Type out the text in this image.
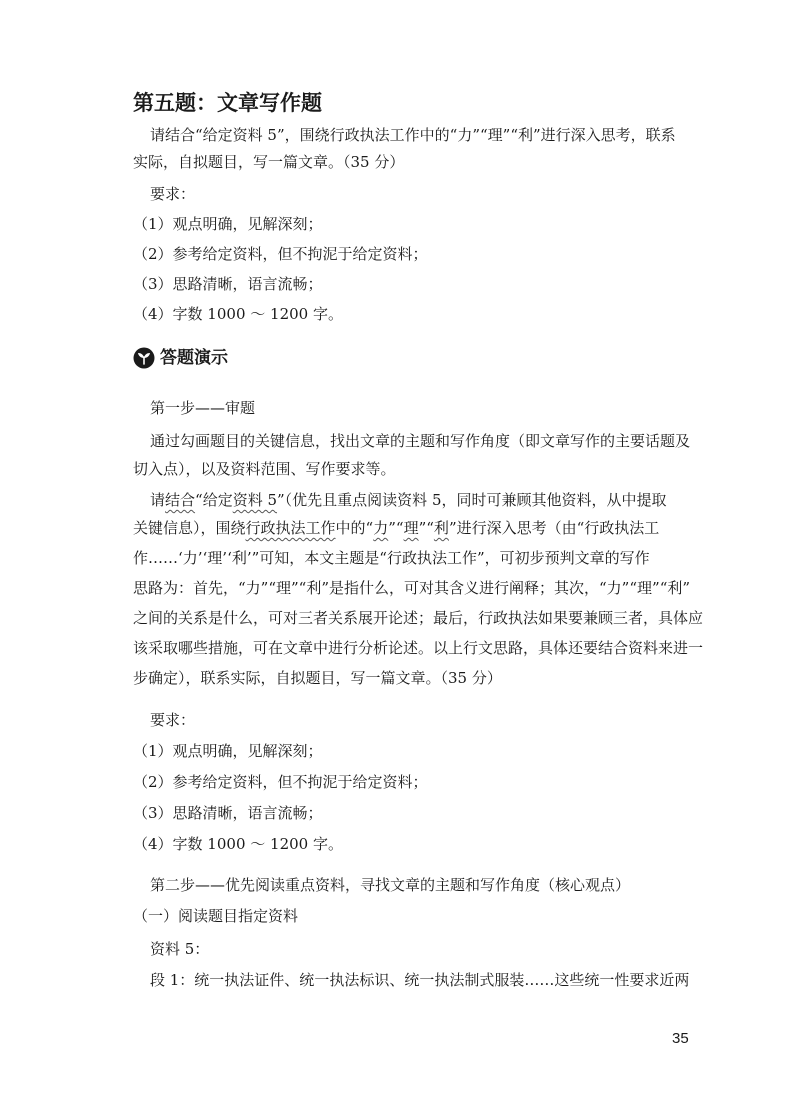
第五题：文章写作题
请结合“给定资料 5”，围绕行政执法工作中的“力”“理”“利”进行深入思考，联系
实际，自拟题目，写一篇文章。（35 分）
要求：
（1）观点明确，见解深刻；
（2）参考给定资料，但不拘泥于给定资料；
（3）思路清晰，语言流畅；
（4）字数 1000 ～ 1200 字。
答题演示
第一步——审题
通过勾画题目的关键信息，找出文章的主题和写作角度（即文章写作的主要话题及
切入点），以及资料范围、写作要求等。
请结合“给定资料 5”（优先且重点阅读资料 5，同时可兼顾其他资料，从中提取
关键信息），围绕行政执法工作中的“力”“理”“利”进行深入思考（由“行政执法工
作……‘力’‘理’‘利’”可知，本文主题是“行政执法工作”，可初步预判文章的写作
思路为：首先，“力”“理”“利”是指什么，可对其含义进行阐释；其次，“力”“理”“利”
之间的关系是什么，可对三者关系展开论述；最后，行政执法如果要兼顾三者，具体应
该采取哪些措施，可在文章中进行分析论述。以上行文思路，具体还要结合资料来进一
步确定），联系实际，自拟题目，写一篇文章。（35 分）
要求：
（1）观点明确，见解深刻；
（2）参考给定资料，但不拘泥于给定资料；
（3）思路清晰，语言流畅；
（4）字数 1000 ～ 1200 字。
第二步——优先阅读重点资料，寻找文章的主题和写作角度（核心观点）
（一）阅读题目指定资料
资料 5：
段 1：统一执法证件、统一执法标识、统一执法制式服装……这些统一性要求近两
35
